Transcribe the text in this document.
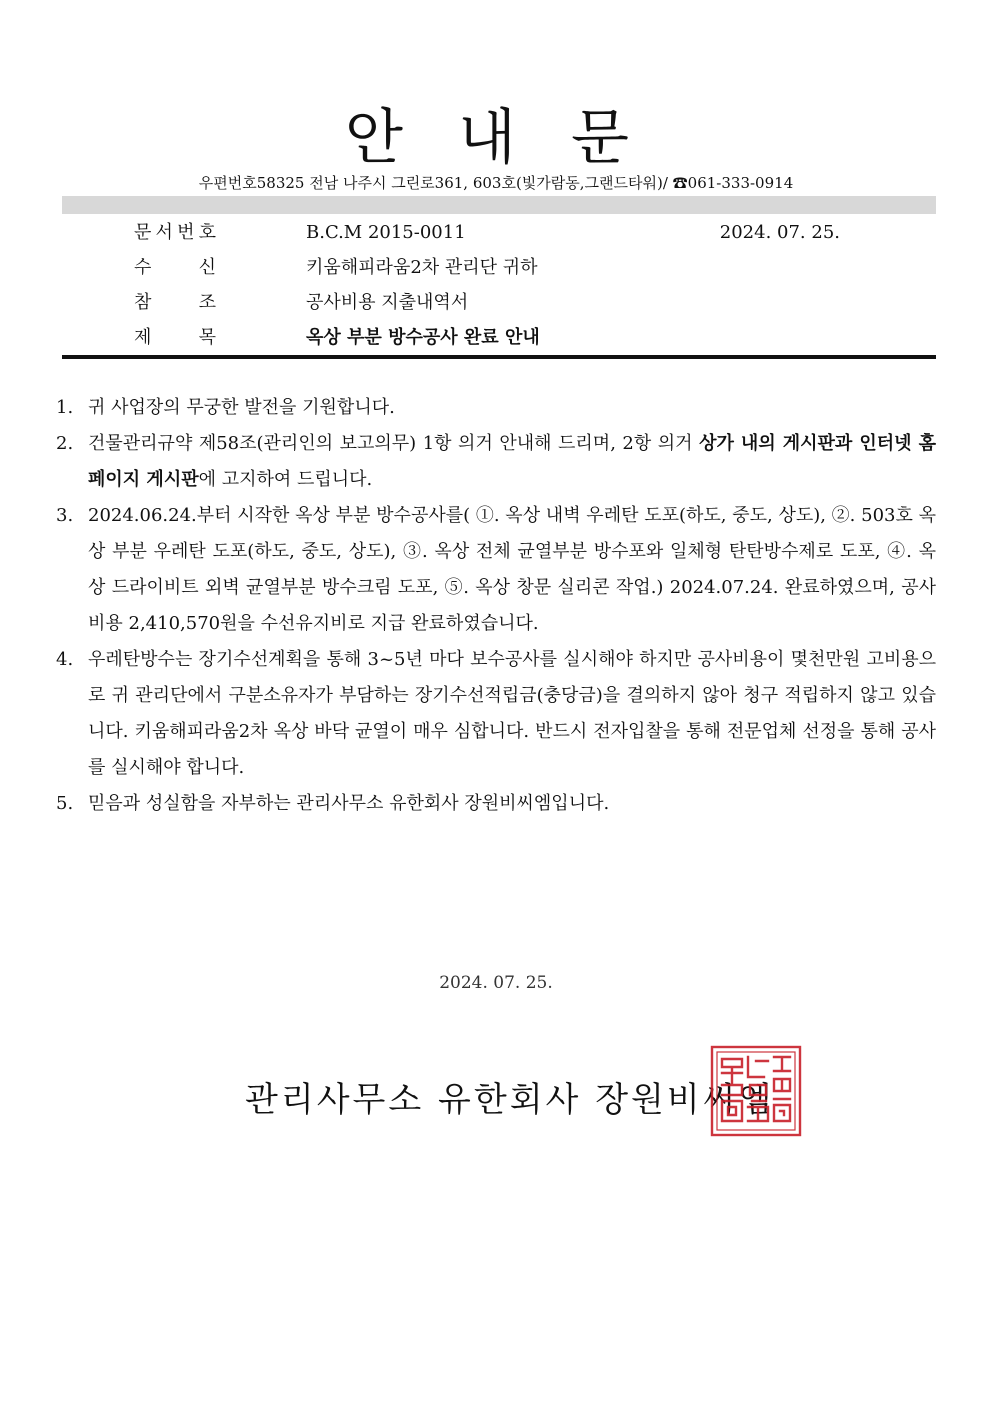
안 내 문
우편번호58325 전남 나주시 그린로361, 603호(빛가람동,그랜드타워)/ ☎061-333-0914
문 서 번 호	B.C.M 2015-0011	2024. 07. 25.
수	신	키움해피라움2차 관리단 귀하
참	조	공사비용 지출내역서
제	목	옥상 부분 방수공사 완료 안내
1. 귀 사업장의 무궁한 발전을 기원합니다.
2. 건물관리규약 제58조(관리인의 보고의무) 1항 의거 안내해 드리며, 2항 의거 상가 내의 게시판과 인터넷 홈페이지 게시판에 고지하여 드립니다.
3. 2024.06.24.부터 시작한 옥상 부분 방수공사를( ①. 옥상 내벽 우레탄 도포(하도, 중도, 상도), ②. 503호 옥상 부분 우레탄 도포(하도, 중도, 상도), ③. 옥상 전체 균열부분 방수포와 일체형 탄탄방수제로 도포, ④. 옥상 드라이비트 외벽 균열부분 방수크림 도포, ⑤. 옥상 창문 실리콘 작업.) 2024.07.24. 완료하였으며, 공사비용 2,410,570원을 수선유지비로 지급 완료하였습니다.
4. 우레탄방수는 장기수선계획을 통해 3~5년 마다 보수공사를 실시해야 하지만 공사비용이 몇천만원 고비용으로 귀 관리단에서 구분소유자가 부담하는 장기수선적립금(충당금)을 결의하지 않아 청구 적립하지 않고 있습니다. 키움해피라움2차 옥상 바닥 균열이 매우 심합니다. 반드시 전자입찰을 통해 전문업체 선정을 통해 공사를 실시해야 합니다.
5. 믿음과 성실함을 자부하는 관리사무소 유한회사 장원비씨엠입니다.
2024. 07. 25.
관리사무소 유한회사 장원비씨엠
